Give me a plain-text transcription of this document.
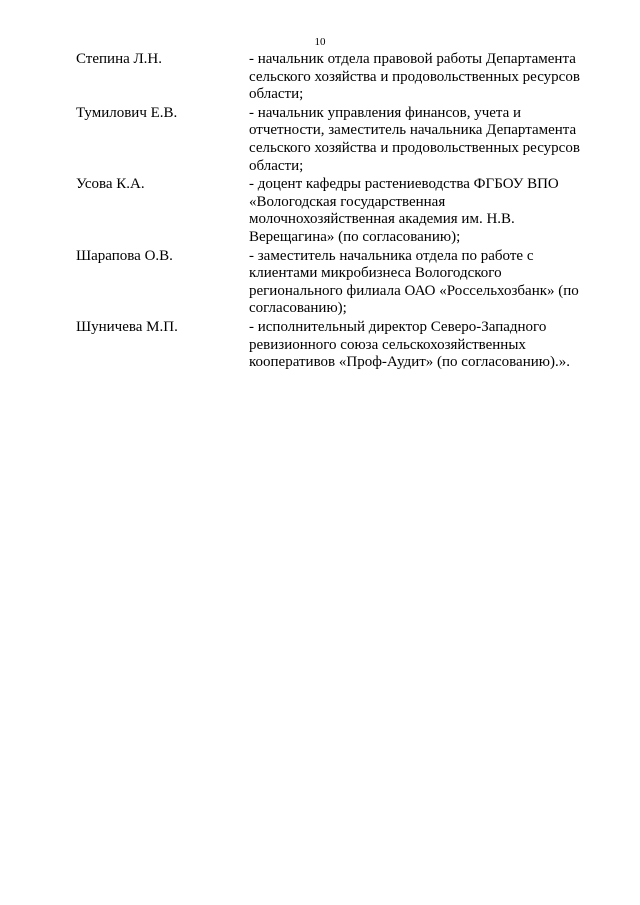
10
Степина Л.Н.	- начальник отдела правовой работы Департамента
сельского хозяйства и продовольственных ресурсов
области;
Тумилович Е.В.	- начальник управления финансов, учета и
отчетности, заместитель начальника Департамента
сельского хозяйства и продовольственных ресурсов
области;
Усова К.А.	- доцент кафедры растениеводства ФГБОУ ВПО
«Вологодская государственная
молочнохозяйственная академия им. Н.В.
Верещагина» (по согласованию);
Шарапова О.В.	- заместитель начальника отдела по работе с
клиентами микробизнеса Вологодского
регионального филиала ОАО «Россельхозбанк» (по
согласованию);
Шуничева М.П.	- исполнительный директор Северо-Западного
ревизионного союза сельскохозяйственных
кооперативов «Проф-Аудит» (по согласованию).».
